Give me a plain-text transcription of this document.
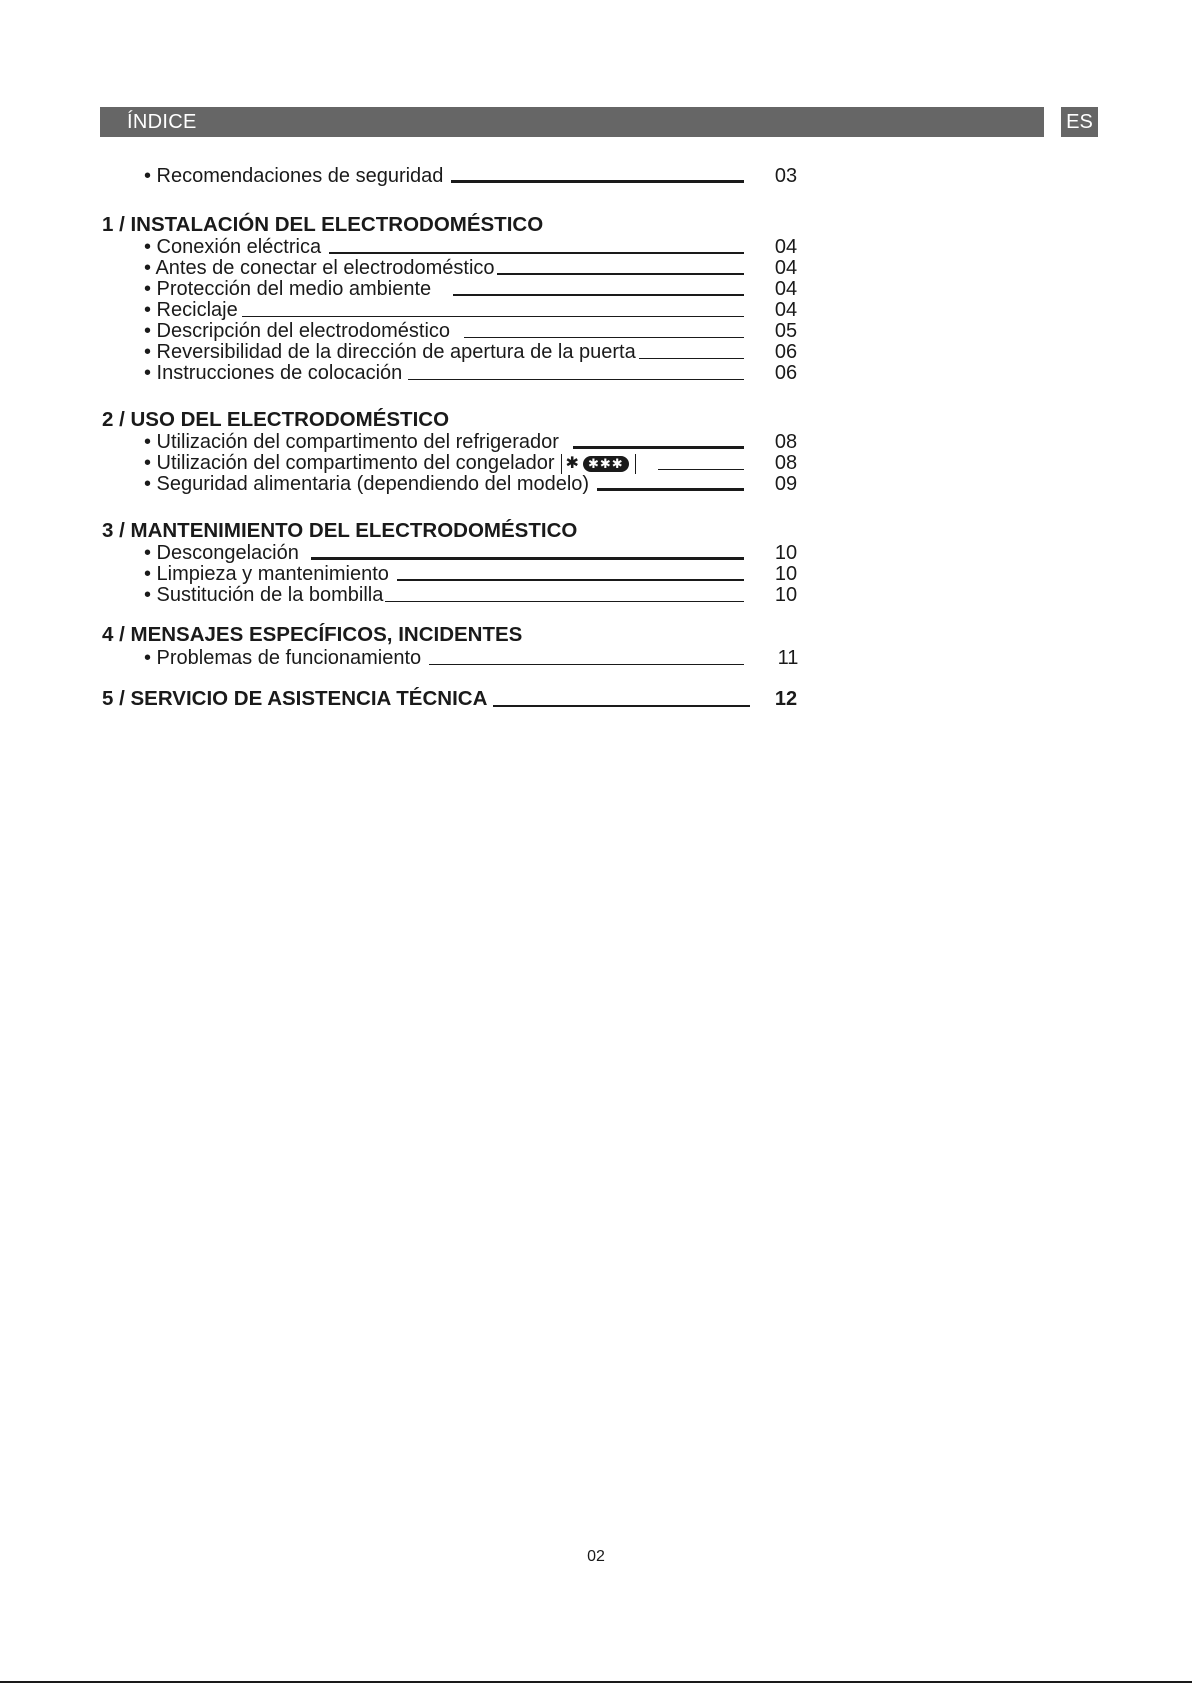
ÍNDICE	ES
• Recomendaciones de seguridad	03
1 / INSTALACIÓN DEL ELECTRODOMÉSTICO
• Conexión eléctrica	04
• Antes de conectar el electrodoméstico	04
• Protección del medio ambiente	04
• Reciclaje	04
• Descripción del electrodoméstico	05
• Reversibilidad de la dirección de apertura de la puerta	06
• Instrucciones de colocación	06
2 / USO DEL ELECTRODOMÉSTICO
• Utilización del compartimento del refrigerador	08
• Utilización del compartimento del congelador ✱ ✱✱✱	08
• Seguridad alimentaria (dependiendo del modelo)	09
3 / MANTENIMIENTO DEL ELECTRODOMÉSTICO
• Descongelación	10
• Limpieza y mantenimiento	10
• Sustitución de la bombilla	10
4 / MENSAJES ESPECÍFICOS, INCIDENTES
• Problemas de funcionamiento	11
5 / SERVICIO DE ASISTENCIA TÉCNICA	12
02
